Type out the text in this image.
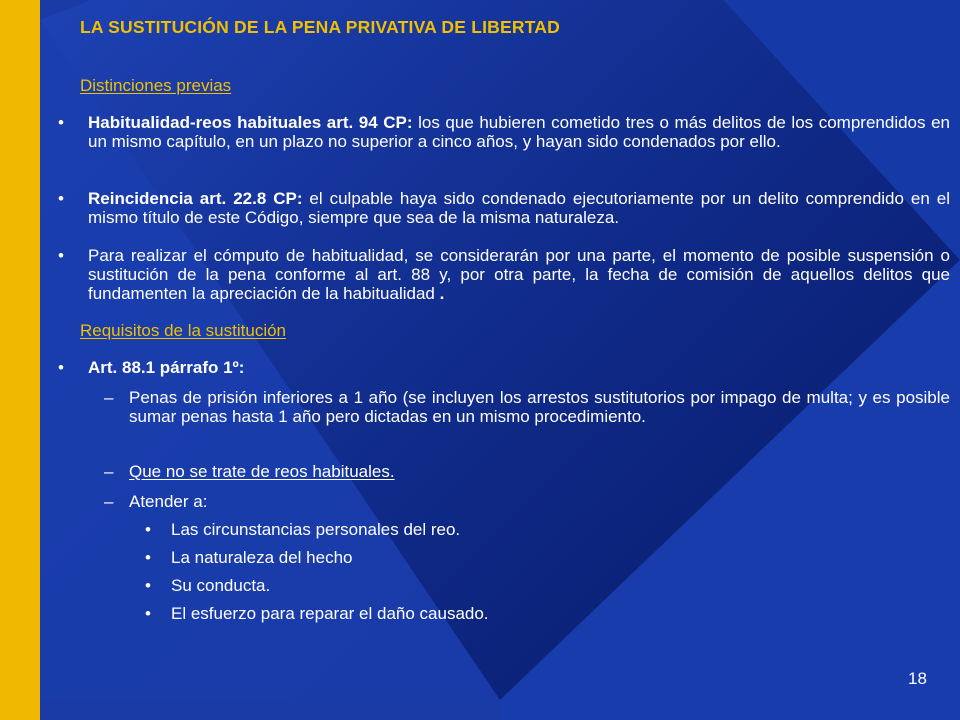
LA SUSTITUCIÓN DE LA PENA PRIVATIVA DE LIBERTAD
Distinciones previas
• Habitualidad-reos habituales art. 94 CP: los que hubieren cometido tres o más delitos de los comprendidos en un mismo capítulo, en un plazo no superior a cinco años, y hayan sido condenados por ello.
• Reincidencia art. 22.8 CP: el culpable haya sido condenado ejecutoriamente por un delito comprendido en el mismo título de este Código, siempre que sea de la misma naturaleza.
• Para realizar el cómputo de habitualidad, se considerarán por una parte, el momento de posible suspensión o sustitución de la pena conforme al art. 88 y, por otra parte, la fecha de comisión de aquellos delitos que fundamenten la apreciación de la habitualidad .
Requisitos de la sustitución
• Art. 88.1 párrafo 1º:
– Penas de prisión inferiores a 1 año (se incluyen los arrestos sustitutorios por impago de multa; y es posible sumar penas hasta 1 año pero dictadas en un mismo procedimiento.
– Que no se trate de reos habituales.
– Atender a:
• Las circunstancias personales del reo.
• La naturaleza del hecho
• Su conducta.
• El esfuerzo para reparar el daño causado.
18
